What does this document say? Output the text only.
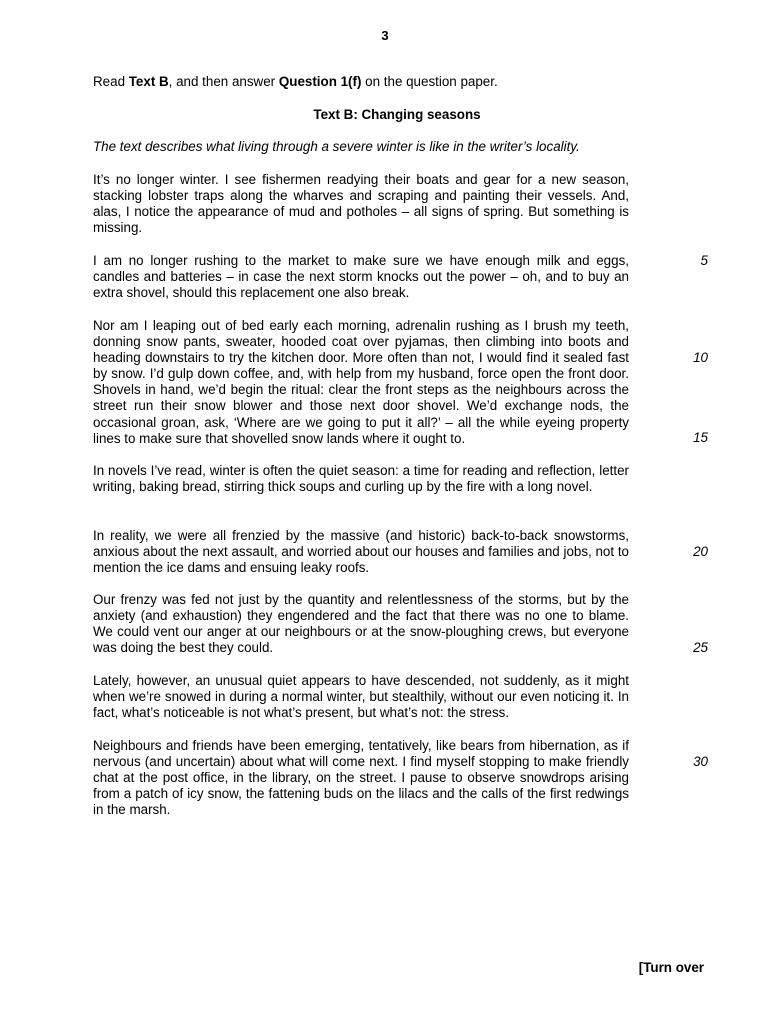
3
Read Text B, and then answer Question 1(f) on the question paper.
Text B: Changing seasons
The text describes what living through a severe winter is like in the writer’s locality.
It’s no longer winter. I see fishermen readying their boats and gear for a new season, stacking lobster traps along the wharves and scraping and painting their vessels. And, alas, I notice the appearance of mud and potholes – all signs of spring. But something is missing.
I am no longer rushing to the market to make sure we have enough milk and eggs, candles and batteries – in case the next storm knocks out the power – oh, and to buy an extra shovel, should this replacement one also break.
Nor am I leaping out of bed early each morning, adrenalin rushing as I brush my teeth, donning snow pants, sweater, hooded coat over pyjamas, then climbing into boots and heading downstairs to try the kitchen door. More often than not, I would find it sealed fast by snow. I’d gulp down coffee, and, with help from my husband, force open the front door. Shovels in hand, we’d begin the ritual: clear the front steps as the neighbours across the street run their snow blower and those next door shovel. We’d exchange nods, the occasional groan, ask, ‘Where are we going to put it all?’ – all the while eyeing property lines to make sure that shovelled snow lands where it ought to.
In novels I’ve read, winter is often the quiet season: a time for reading and reflection, letter writing, baking bread, stirring thick soups and curling up by the fire with a long novel.
In reality, we were all frenzied by the massive (and historic) back-to-back snowstorms, anxious about the next assault, and worried about our houses and families and jobs, not to mention the ice dams and ensuing leaky roofs.
Our frenzy was fed not just by the quantity and relentlessness of the storms, but by the anxiety (and exhaustion) they engendered and the fact that there was no one to blame. We could vent our anger at our neighbours or at the snow-ploughing crews, but everyone was doing the best they could.
Lately, however, an unusual quiet appears to have descended, not suddenly, as it might when we’re snowed in during a normal winter, but stealthily, without our even noticing it. In fact, what’s noticeable is not what’s present, but what’s not: the stress.
Neighbours and friends have been emerging, tentatively, like bears from hibernation, as if nervous (and uncertain) about what will come next. I find myself stopping to make friendly chat at the post office, in the library, on the street. I pause to observe snowdrops arising from a patch of icy snow, the fattening buds on the lilacs and the calls of the first redwings in the marsh.
5
10
15
20
25
30
[Turn over
